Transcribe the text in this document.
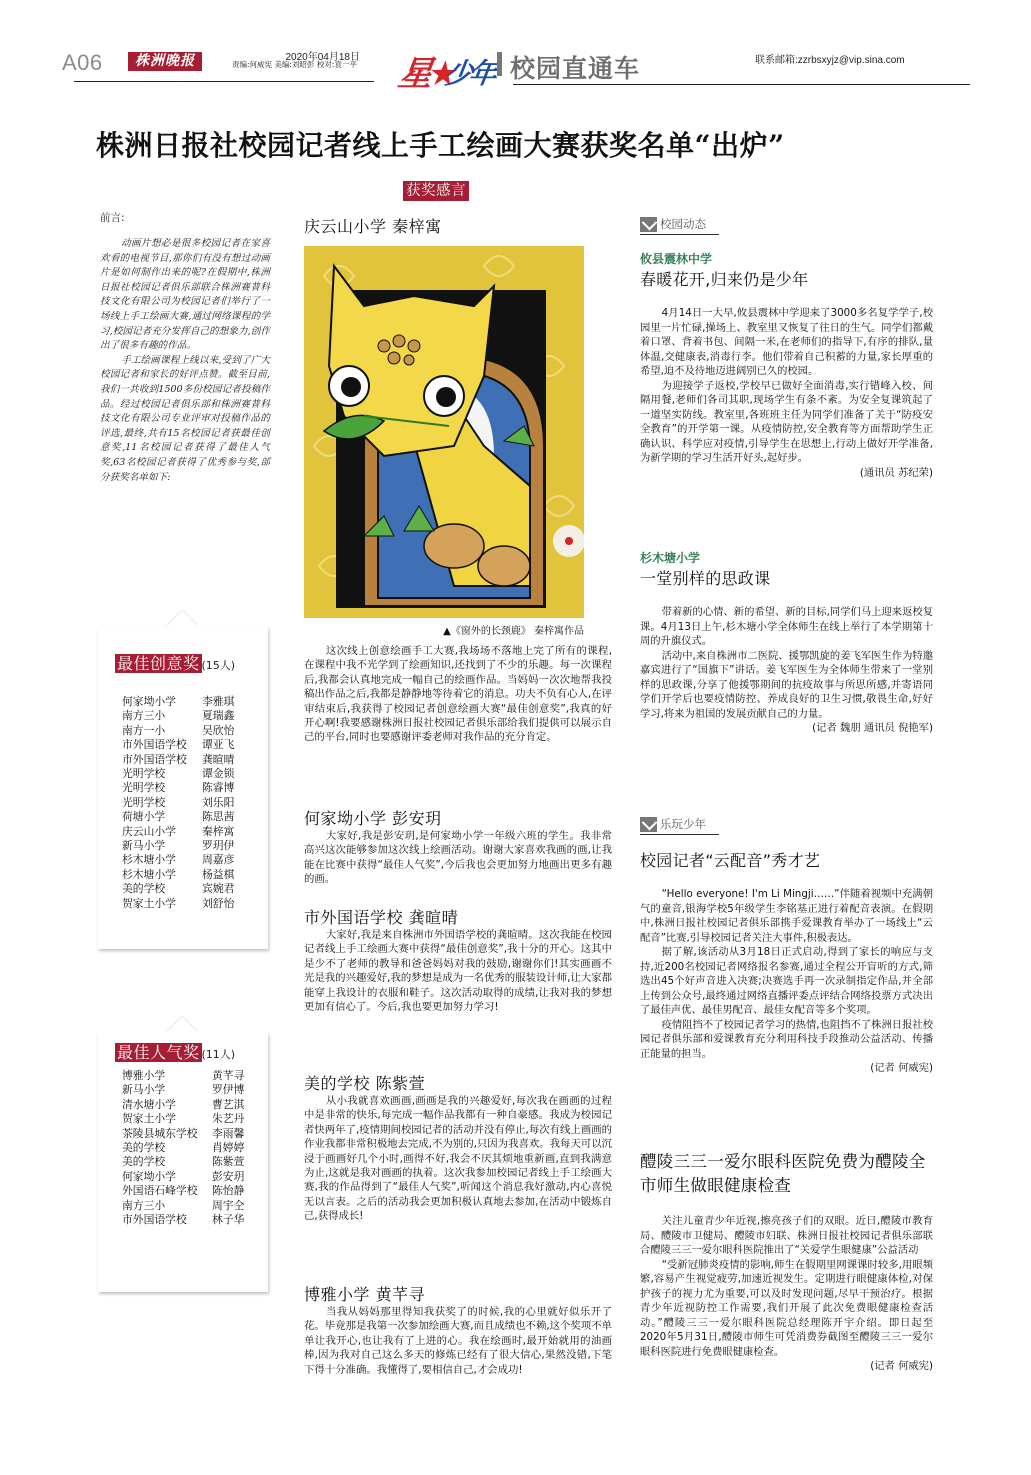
A06	株洲晚报	2020年04月18日
责编:何威宪 美编:刘昭彭 校对:袁一平 星★
少年 校园直通车	联系邮箱:zzrbsxyjz@vip.sina.com
株洲日报社校园记者线上手工绘画大赛获奖名单“出炉”
获奖感言
前言:

动画片想必是很多校园记者在家喜欢看的电视节目,那你们有没有想过动画片是如何制作出来的呢?在假期中,株洲日报社校园记者俱乐部联合株洲赛普科技文化有限公司为校园记者们举行了一场线上手工绘画大赛,通过网络课程的学习,校园记者充分发挥自己的想象力,创作出了很多有趣的作品。

手工绘画课程上线以来,受到了广大校园记者和家长的好评点赞。截至目前,我们一共收到1500多份校园记者投稿作品。经过校园记者俱乐部和株洲赛普科技文化有限公司专业评审对投稿作品的评选,最终,共有15名校园记者获最佳创意奖,11名校园记者获得了最佳人气奖,63名校园记者获得了优秀参与奖,部分获奖名单如下:

最佳创意奖 (15人)
何家坳小学	李雅琪
南方三小	夏瑞鑫
南方一小	吴欣怡
市外国语学校	谭亚飞
市外国语学校	龚暄晴
光明学校	谭金锁
光明学校	陈睿博
光明学校	刘乐阳
荷塘小学	陈思茜
庆云山小学	秦梓寓
新马小学	罗玥伊
杉木塘小学	周嘉彦
杉木塘小学	杨益棋
美的学校	宾婉君
贺家土小学	刘舒怡
最佳人气奖 (11人)
博雅小学	黄芊寻
新马小学	罗伊博
清水塘小学	曹艺淇
贺家土小学	朱艺丹
茶陵县城东学校	李雨馨
美的学校	肖婷婷
美的学校	陈紫萱
何家坳小学	彭安玥
外国语石峰学校	陈怡静
南方三小	周宇仝
市外国语学校	林子华
庆云山小学 秦梓寓
▲《窗外的长颈鹿》 秦梓寓作品

这次线上创意绘画手工大赛,我场场不落地上完了所有的课程,在课程中我不光学到了绘画知识,还找到了不少的乐趣。每一次课程后,我都会认真地完成一幅自己的绘画作品。当妈妈一次次地帮我投稿出作品之后,我都是静静地等待着它的消息。功夫不负有心人,在评审结束后,我获得了校园记者创意绘画大赛“最佳创意奖”,我真的好开心啊!我要感谢株洲日报社校园记者俱乐部给我们提供可以展示自己的平台,同时也要感谢评委老师对我作品的充分肯定。

何家坳小学 彭安玥

大家好,我是彭安玥,是何家坳小学一年级六班的学生。我非常高兴这次能够参加这次线上绘画活动。谢谢大家喜欢我画的画,让我能在比赛中获得“最佳人气奖”,今后我也会更加努力地画出更多有趣的画。

市外国语学校 龚暄晴

大家好,我是来自株洲市外国语学校的龚暄晴。这次我能在校园记者线上手工绘画大赛中获得“最佳创意奖”,我十分的开心。这其中是少不了老师的教导和爸爸妈妈对我的鼓励,谢谢你们!其实画画不光是我的兴趣爱好,我的梦想是成为一名优秀的服装设计师,让大家都能穿上我设计的衣服和鞋子。这次活动取得的成绩,让我对我的梦想更加有信心了。今后,我也要更加努力学习!

美的学校 陈紫萱

从小我就喜欢画画,画画是我的兴趣爱好,每次我在画画的过程中是非常的快乐,每完成一幅作品我都有一种自豪感。我成为校园记者快两年了,疫情期间校园记者的活动并没有停止,每次有线上画画的作业我都非常积极地去完成,不为别的,只因为我喜欢。我每天可以沉浸于画画好几个小时,画得不好,我会不厌其烦地重新画,直到我满意为止,这就是我对画画的执着。这次我参加校园记者线上手工绘画大赛,我的作品得到了“最佳人气奖”,听闻这个消息我好激动,内心喜悦无以言表。之后的活动我会更加积极认真地去参加,在活动中锻炼自己,获得成长!

博雅小学 黄芊寻

当我从妈妈那里得知我获奖了的时候,我的心里就好似乐开了花。毕竟那是我第一次参加绘画大赛,而且成绩也不赖,这个奖项不单单让我开心,也让我有了上进的心。我在绘画时,最开始就用的油画棒,因为我对自己这么多天的修炼已经有了很大信心,果然没错,下笔下得十分准确。我懂得了,要相信自己,才会成功!

校园动态
攸县震林中学
春暖花开,归来仍是少年

4月14日一大早,攸县震林中学迎来了3000多名复学学子,校园里一片忙碌,操场上、教室里又恢复了往日的生气。同学们都戴着口罩、背着书包、间隔一米,在老师们的指导下,有序的排队,量体温,交健康表,消毒行李。他们带着自己积蓄的力量,家长厚重的希望,迫不及待地迈进阔别已久的校园。

为迎接学子返校,学校早已做好全面消毒,实行错峰入校、间隔用餐,老师们各司其职,现场学生有条不紊。为安全复课筑起了一道坚实防线。教室里,各班班主任为同学们准备了关于“防疫安全教育”的开学第一课。从疫情防控,安全教育等方面帮助学生正确认识、科学应对疫情,引导学生在思想上,行动上做好开学准备,为新学期的学习生活开好头,起好步。

(通讯员 苏纪荣)
杉木塘小学
一堂别样的思政课

带着新的心情、新的希望、新的目标,同学们马上迎来返校复课。4月13日上午,杉木塘小学全体师生在线上举行了本学期第十周的升旗仪式。

活动中,来自株洲市二医院、援鄂凯旋的姜飞军医生作为特邀嘉宾进行了“国旗下”讲话。姜飞军医生为全体师生带来了一堂别样的思政课,分享了他援鄂期间的抗疫故事与所思所感,并寄语同学们开学后也要疫情防控、养成良好的卫生习惯,敬畏生命,好好学习,将来为祖国的发展贡献自己的力量。

(记者 魏朋 通讯员 倪艳军)
乐玩少年
校园记者“云配音”秀才艺

“Hello everyone! I'm Li Mingji……”伴随着视频中充满朝气的童音,银海学校5年级学生李铭基正进行着配音表演。在假期中,株洲日报社校园记者俱乐部携手爱课教育举办了一场线上“云配音”比赛,引导校园记者关注大事件,积极表达。

据了解,该活动从3月18日正式启动,得到了家长的响应与支持,近200名校园记者网络报名参赛,通过全程公开盲听的方式,筛选出45个好声音进入决赛;决赛选手再一次录制指定作品,并全部上传到公众号,最终通过网络直播评委点评结合网络投票方式决出了最佳声优、最佳男配音、最佳女配音等多个奖项。

疫情阻挡不了校园记者学习的热情,也阻挡不了株洲日报社校园记者俱乐部和爱课教育充分利用科技手段推动公益活动、传播正能量的担当。

(记者 何威宪)
醴陵三三一爱尔眼科医院免费为醴陵全市师生做眼健康检查

关注儿童青少年近视,擦亮孩子们的双眼。近日,醴陵市教育局、醴陵市卫健局、醴陵市妇联、株洲日报社校园记者俱乐部联合醴陵三三一爱尔眼科医院推出了“关爱学生眼健康”公益活动

“受新冠肺炎疫情的影响,师生在假期里网课课时较多,用眼频繁,容易产生视觉疲劳,加速近视发生。定期进行眼健康体检,对保护孩子的视力尤为重要,可以及时发现问题,尽早干预治疗。根据青少年近视防控工作需要,我们开展了此次免费眼健康检查活动。”醴陵三三一爱尔眼科医院总经理陈开宇介绍。即日起至2020年5月31日,醴陵市师生可凭消费券截图至醴陵三三一爱尔眼科医院进行免费眼健康检查。

(记者 何威宪)
